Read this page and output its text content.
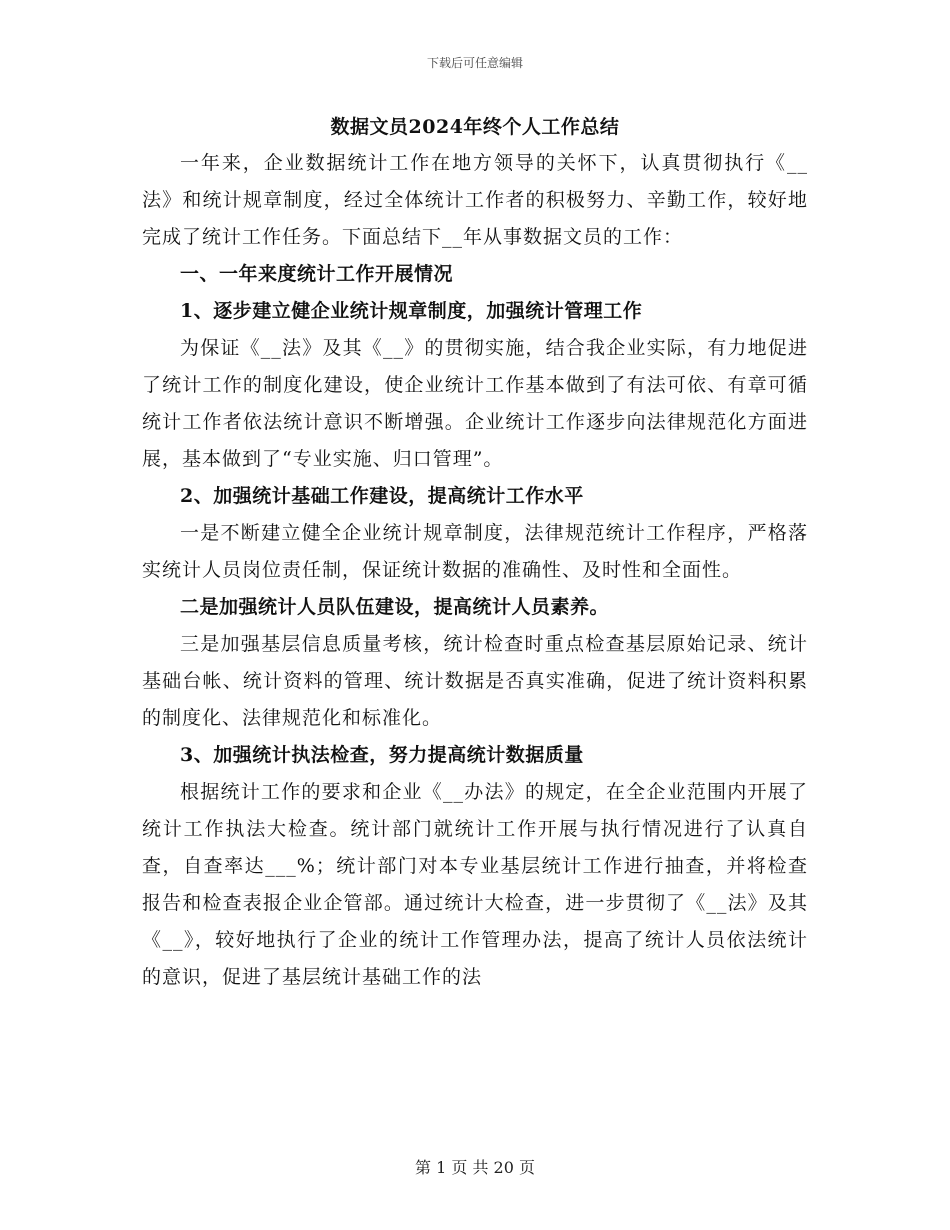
下载后可任意编辑
数据文员2024年终个人工作总结

一年来，企业数据统计工作在地方领导的关怀下，认真贯彻执行《__法》和统计规章制度，经过全体统计工作者的积极努力、辛勤工作，较好地完成了统计工作任务。下面总结下__年从事数据文员的工作：

一、一年来度统计工作开展情况

1、逐步建立健企业统计规章制度，加强统计管理工作

为保证《__法》及其《__》的贯彻实施，结合我企业实际，有力地促进了统计工作的制度化建设，使企业统计工作基本做到了有法可依、有章可循统计工作者依法统计意识不断增强。企业统计工作逐步向法律规范化方面进展，基本做到了“专业实施、归口管理”。

2、加强统计基础工作建设，提高统计工作水平

一是不断建立健全企业统计规章制度，法律规范统计工作程序，严格落实统计人员岗位责任制，保证统计数据的准确性、及时性和全面性。

二是加强统计人员队伍建设，提高统计人员素养。

三是加强基层信息质量考核，统计检查时重点检查基层原始记录、统计基础台帐、统计资料的管理、统计数据是否真实准确，促进了统计资料积累的制度化、法律规范化和标准化。

3、加强统计执法检查，努力提高统计数据质量

根据统计工作的要求和企业《__办法》的规定，在全企业范围内开展了统计工作执法大检查。统计部门就统计工作开展与执行情况进行了认真自查，自查率达___%；统计部门对本专业基层统计工作进行抽查，并将检查报告和检查表报企业企管部。通过统计大检查，进一步贯彻了《__法》及其《__》，较好地执行了企业的统计工作管理办法，提高了统计人员依法统计的意识，促进了基层统计基础工作的法

第 1 页 共 20 页
